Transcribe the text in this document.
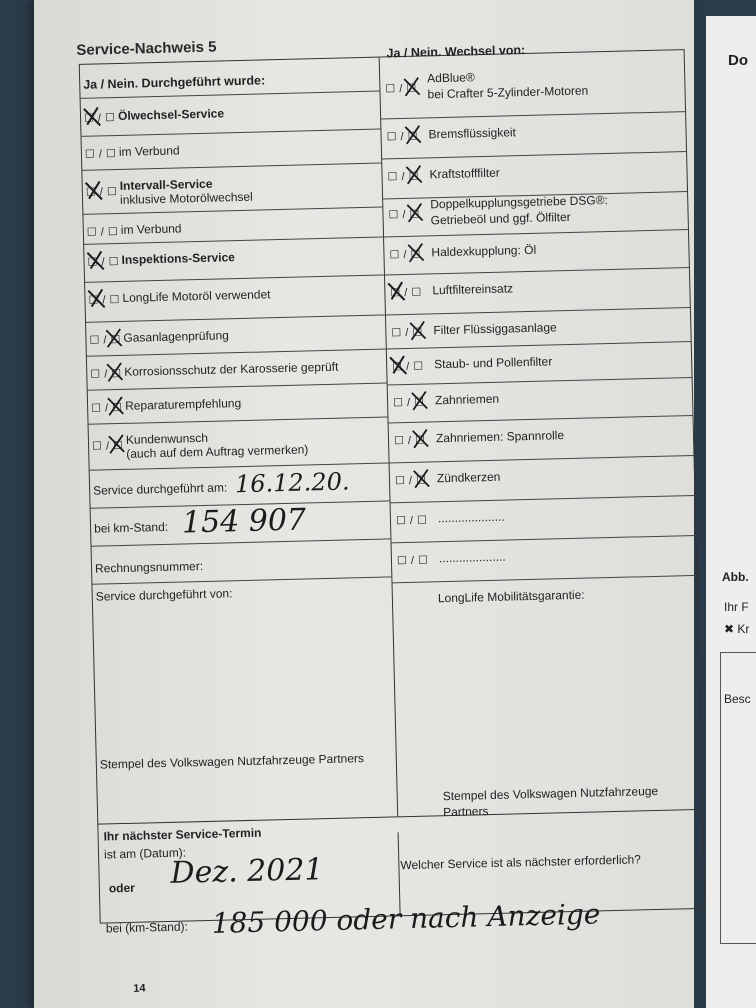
Do
Abb.
Ihr F
✖ Kr
Besc
Service-Nachweis 5
☐ / ☐ Ölwechsel-Service
☐ / ☐ im Verbund
☐ / ☐ Intervall-Service
inklusive Motorölwechsel
☐ / ☐ im Verbund
☐ / ☐ Inspektions-Service
☐ / ☐ LongLife Motoröl verwendet
☐ / ☐ Gasanlagenprüfung
☐ / ☐ Korrosionsschutz der Karosserie geprüft
☐ / ☐ Reparaturempfehlung
☐ / ☐ Kundenwunsch
(auch auf dem Auftrag vermerken)
☐ / ☐
AdBlue®
bei Crafter 5-Zylinder-Motoren
☐ / ☐ Bremsflüssigkeit
☐ / ☐ Kraftstofffilter
☐ / ☐
Doppelkupplungsgetriebe DSG®:
Getriebeöl und ggf. Ölfilter
☐ / ☐ Haldexkupplung: Öl
☐ / ☐ Luftfiltereinsatz
☐ / ☐ Filter Flüssiggasanlage
☐ / ☐ Staub- und Pollenfilter
☐ / ☐ Zahnriemen
☐ / ☐ Zahnriemen: Spannrolle
☐ / ☐ Zündkerzen
☐ / ☐ ....................
☐ / ☐ ....................
Ja / Nein. Durchgeführt wurde:
Ja / Nein. Wechsel von:
Service durchgeführt am: 16.12.20.
bei km-Stand: 154 907
Rechnungsnummer:
Service durchgeführt von:	LongLife Mobilitätsgarantie:
Stempel des Volkswagen Nutzfahrzeuge Partners
Stempel des Volkswagen Nutzfahrzeuge
Partners
Ihr nächster Service-Termin
ist am (Datum):
oder Dez. 2021
bei (km-Stand): 185 000 oder nach Anzeige
Welcher Service ist als nächster erforderlich?
14
